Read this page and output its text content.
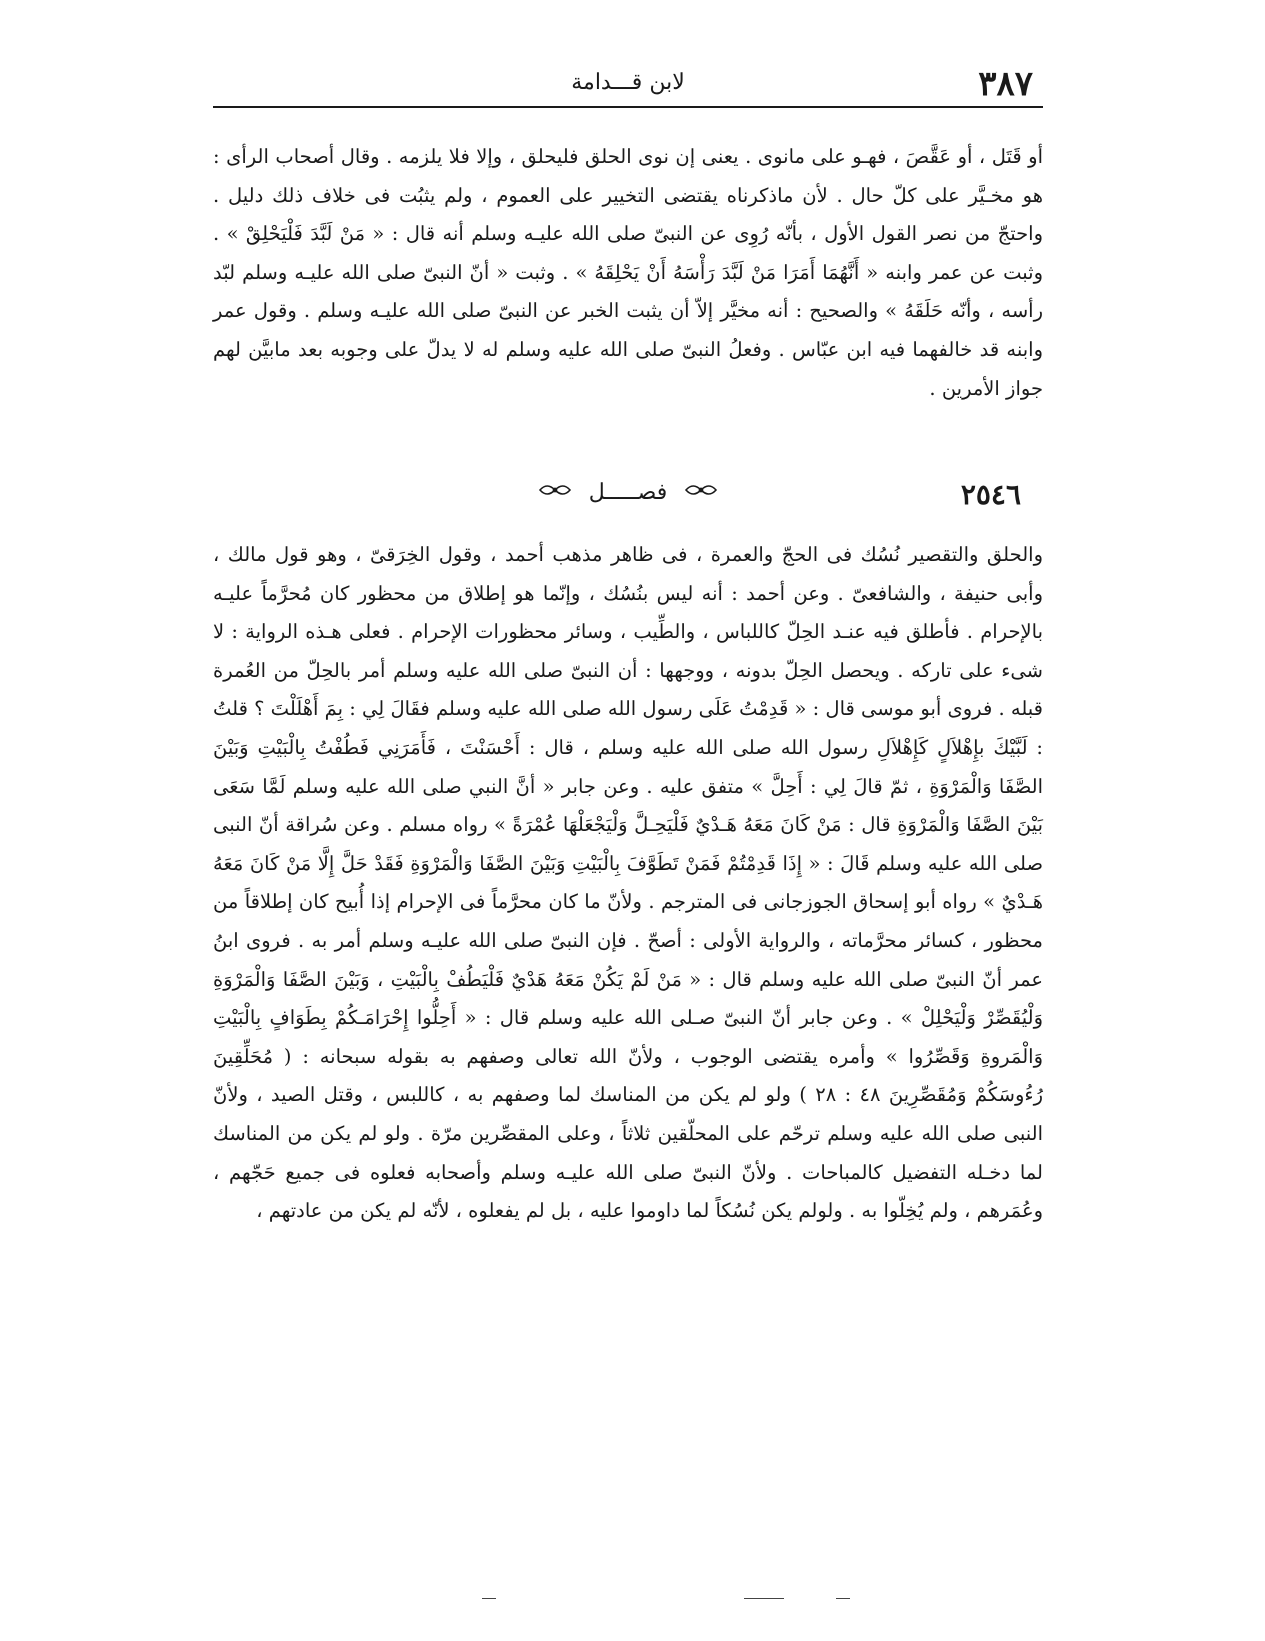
٣٨٧
لابن قـــدامة

أو قَتَل ، أو عَقَّصَ ، فهـو على مانوى . يعنى إن نوى الحلق فليحلق ، وإلا فلا يلزمه . وقال أصحاب الرأى : هو مخـيَّر على كلّ حال . لأن ماذكرناه يقتضى التخيير على العموم ، ولم يثبُت فى خلاف ذلك دليل . واحتجّ من نصر القول الأول ، بأنّه رُوِى عن النبىّ صلى الله عليـه وسلم أنه قال : « مَنْ لَبَّدَ فَلْيَحْلِقْ » . وثبت عن عمر وابنه « أَنَّهُمَا أَمَرَا مَنْ لَبَّدَ رَأْسَهُ أَنْ يَحْلِقَهُ » . وثبت « أنّ النبىّ صلى الله عليـه وسلم لبّد رأسه ، وأنّه حَلَقَهُ » والصحيح : أنه مخيَّر إلاّ أن يثبت الخبر عن النبىّ صلى الله عليـه وسلم . وقول عمر وابنه قد خالفهما فيه ابن عبّاس . وفعلُ النبىّ صلى الله عليه وسلم له لا يدلّ على وجوبه بعد مابيَّن لهم جواز الأمرين .

٢٥٤٦
فصـــــل

والحلق والتقصير نُسُك فى الحجّ والعمرة ، فى ظاهر مذهب أحمد ، وقول الخِرَقىّ ، وهو قول مالك ، وأبى حنيفة ، والشافعىّ . وعن أحمد : أنه ليس بنُسُك ، وإنّما هو إطلاق من محظور كان مُحرَّماً عليـه بالإحرام . فأطلق فيه عنـد الحِلّ كاللباس ، والطِّيب ، وسائر محظورات الإحرام . فعلى هـذه الرواية : لا شىء على تاركه . ويحصل الحِلّ بدونه ، ووجهها : أن النبىّ صلى الله عليه وسلم أمر بالحِلّ من العُمرة قبله . فروى أبو موسى قال : « قَدِمْتُ عَلَى رسول الله صلى الله عليه وسلم فقَالَ لِي : بِمَ أَهْلَلْتَ ؟ قلتُ : لَبَّيْكَ بإِهْلاَلٍ كَإِهْلاَلِ رسول الله صلى الله عليه وسلم ، قال : أَحْسَنْتَ ، فَأَمَرَنِي فَطُفْتُ بِالْبَيْتِ وَبَيْنَ الصَّفَا وَالْمَرْوَةِ ، ثمّ قالَ لِي : أَحِلَّ » متفق عليه . وعن جابر « أنَّ النبي صلى الله عليه وسلم لَمَّا سَعَى بَيْنَ الصَّفَا وَالْمَرْوَةِ قال : مَنْ كَانَ مَعَهُ هَـدْيٌ فَلْيَحِـلَّ وَلْيَجْعَلْهَا عُمْرَةً » رواه مسلم . وعن سُراقة أنّ النبى صلى الله عليه وسلم قَالَ : « إِذَا قَدِمْتُمْ فَمَنْ تَطَوَّفَ بِالْبَيْتِ وَبَيْنَ الصَّفَا وَالْمَرْوَةِ فَقَدْ حَلَّ إِلَّا مَنْ كَانَ مَعَهُ هَـدْيٌ » رواه أبو إسحاق الجوزجانى فى المترجم . ولأنّ ما كان محرَّماً فى الإحرام إذا أُبيح كان إطلاقاً من محظور ، كسائر محرَّماته ، والرواية الأولى : أصحّ . فإن النبىّ صلى الله عليـه وسلم أمر به . فروى ابنُ عمر أنّ النبىّ صلى الله عليه وسلم قال : « مَنْ لَمْ يَكُنْ مَعَهُ هَدْيٌ فَلْيَطُفْ بِالْبَيْتِ ، وَبَيْنَ الصَّفَا وَالْمَرْوَةِ وَلْيُقَصِّرْ وَلْيَحْلِلْ » . وعن جابر أنّ النبىّ صـلى الله عليه وسلم قال : « أَحِلُّوا إِحْرَامَـكُمْ بِطَوَافٍ بِالْبَيْتِ وَالْمَروةِ وَقَصِّرُوا » وأمره يقتضى الوجوب ، ولأنّ الله تعالى وصفهم به بقوله سبحانه : ( مُحَلِّقِينَ رُءُوسَكُمْ وَمُقَصِّرِينَ ٤٨ : ٢٨ ) ولو لم يكن من المناسك لما وصفهم به ، كاللبس ، وقتل الصيد ، ولأنّ النبى صلى الله عليه وسلم ترحّم على المحلّقين ثلاثاً ، وعلى المقصِّرين مرّة . ولو لم يكن من المناسك لما دخـله التفضيل كالمباحات . ولأنّ النبىّ صلى الله عليـه وسلم وأصحابه فعلوه فى جميع حَجّهم ، وعُمَرهم ، ولم يُخِلّوا به . ولولم يكن نُسُكاً لما داوموا عليه ، بل لم يفعلوه ، لأنّه لم يكن من عادتهم ،
